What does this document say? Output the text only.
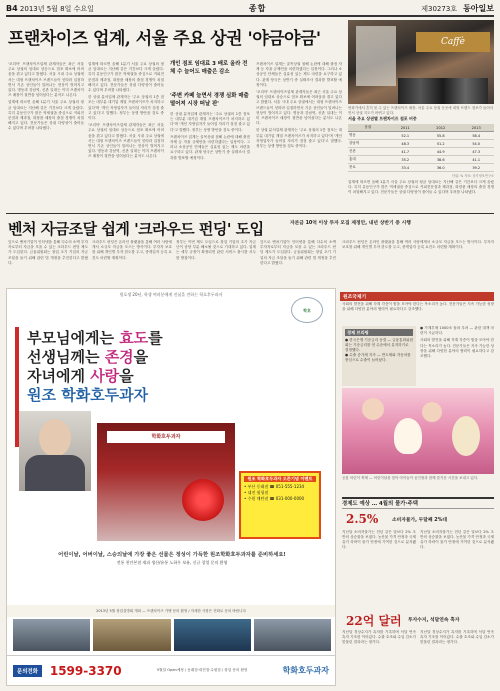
B4 2013년 5월 8일 수요일	종합	제30273호 동아일보
프랜차이즈 업계, 서울 주요 상권 '야금야금'

'코리아' 프랜차이즈업체 관계자들은 최근 서울 주요 상권의 임대료 상승으로 점포 확보에 어려움을 겪고 있다고 밝혔다. 서울 시내 주요 상권에서는 대형 프랜차이즈 브랜드들이 잇따라 입점하면서 기존 상인들이 밀려나는 현상이 벌어지고 있다. 명동과 강남역, 신촌 일대는 이미 프랜차이즈 매장이 절반을 넘어섰다는 분석도 나온다.

업계에 따르면 올해 1분기 서울 주요 상권의 평균 임대료는 지난해 같은 기간보다 크게 올랐다. 특히 유동인구가 많은 역세권을 중심으로 커피전문점과 제과점, 화장품 매장의 출점 경쟁이 치열해지고 있다. 전문가들은 상권 다양성이 줄어들 수 있다며 우려를 나타냈다.

업계에 따르면 올해 1분기 서울 주요 상권의 평균 임대료는 지난해 같은 기간보다 크게 올랐다. 특히 유동인구가 많은 역세권을 중심으로 커피전문점과 제과점, 화장품 매장의 출점 경쟁이 치열해지고 있다. 전문가들은 상권 다양성이 줄어들 수 있다며 우려를 나타냈다.

한 상권 분석업체 관계자는 '주요 상권의 1층 점포는 대부분 대기업 계열 프랜차이즈가 차지하고 있다'며 '개인 자영업자가 들어설 자리가 점점 줄고 있다'고 말했다. 정부는 상생 방안을 검토 중이다.

'코리아' 프랜차이즈업체 관계자들은 최근 서울 주요 상권의 임대료 상승으로 점포 확보에 어려움을 겪고 있다고 밝혔다. 서울 시내 주요 상권에서는 대형 프랜차이즈 브랜드들이 잇따라 입점하면서 기존 상인들이 밀려나는 현상이 벌어지고 있다. 명동과 강남역, 신촌 일대는 이미 프랜차이즈 매장이 절반을 넘어섰다는 분석도 나온다.

개인 점포 임대료 3 배로 올라 전체 수 늘어도 매출은 감소
'주변 카페 늘면서 경쟁 심화 매출 떨어져 시장 떠날 판'

한 상권 분석업체 관계자는 '주요 상권의 1층 점포는 대부분 대기업 계열 프랜차이즈가 차지하고 있다'며 '개인 자영업자가 들어설 자리가 점점 줄고 있다'고 말했다. 정부는 상생 방안을 검토 중이다.

프랜차이즈 업계는 골목상권 침해 논란에 대해 출점 자제 등 자율 규제안을 마련하겠다는 입장이다. 그러나 소상공인 단체들은 실효성 있는 제도 마련을 요구하고 있다. 관계 당국은 상반기 중 실태조사 결과를 발표할 예정이다.

프랜차이즈 업계는 골목상권 침해 논란에 대해 출점 자제 등 자율 규제안을 마련하겠다는 입장이다. 그러나 소상공인 단체들은 실효성 있는 제도 마련을 요구하고 있다. 관계 당국은 상반기 중 실태조사 결과를 발표할 예정이다.

'코리아' 프랜차이즈업체 관계자들은 최근 서울 주요 상권의 임대료 상승으로 점포 확보에 어려움을 겪고 있다고 밝혔다. 서울 시내 주요 상권에서는 대형 프랜차이즈 브랜드들이 잇따라 입점하면서 기존 상인들이 밀려나는 현상이 벌어지고 있다. 명동과 강남역, 신촌 일대는 이미 프랜차이즈 매장이 절반을 넘어섰다는 분석도 나온다.

한 상권 분석업체 관계자는 '주요 상권의 1층 점포는 대부분 대기업 계열 프랜차이즈가 차지하고 있다'며 '개인 자영업자가 들어설 자리가 점점 줄고 있다'고 말했다. 정부는 상생 방안을 검토 중이다.

Caffè
번화가에서 흔히 볼 수 있는 프랜차이즈 매장. 서울 주요 상권 곳곳에 대형 브랜드 점포가 들어서면서 상권 지도가 바뀌고 있다.
서울 주요 상권별 프랜차이즈 점포 비중
상권	2011	2012	2013
명동	52.1	55.8	58.4
강남역	48.3	51.2	54.0
신촌	41.7	44.9	47.3
홍대	35.2	38.6	41.1
종로	33.4	36.0	39.2
단위: % 자료: 상가정보연구소

업계에 따르면 올해 1분기 서울 주요 상권의 평균 임대료는 지난해 같은 기간보다 크게 올랐다. 특히 유동인구가 많은 역세권을 중심으로 커피전문점과 제과점, 화장품 매장의 출점 경쟁이 치열해지고 있다. 전문가들은 상권 다양성이 줄어들 수 있다며 우려를 나타냈다.

벤처 자금조달 쉽게 '크라우드 펀딩' 도입	자본금 10억 이상 투자 모집 제정안, 내년 상반기 중 시행
앞으로 벤처기업이 인터넷을 통해 다수의 소액 투자자로부터 자금을 모을 수 있는 크라우드 펀딩 제도가 도입된다. 금융위원회는 창업 초기 기업의 자금 조달을 돕기 위해 관련 법 개정을 추진한다고 밝혔다.
크라우드 펀딩은 온라인 플랫폼을 통해 여러 사람에게서 소규모 자금을 모으는 방식이다. 투자자 보호를 위해 개인별 투자 한도를 두고, 중개업자 등록 요건도 마련할 계획이다.
정부는 이번 제도 도입으로 창업 기업의 초기 자금난이 상당 부분 해소될 것으로 기대하고 있다. 업계는 세부 규정이 확정되면 관련 서비스 출시를 서두를 방침이다.
앞으로 벤처기업이 인터넷을 통해 다수의 소액 투자자로부터 자금을 모을 수 있는 크라우드 펀딩 제도가 도입된다. 금융위원회는 창업 초기 기업의 자금 조달을 돕기 위해 관련 법 개정을 추진한다고 밝혔다.
원호생 20년, 학생 여러분에게 진심을 전하는 학호후두과자
학호
부모님에게는 효도를
선생님께는 존경을
자녀에게 사랑을
원조 학화호두과자
학화호두과자
원조 학화호두과자 오픈기념 이벤트
• 부산 동래점 ☎ 051-555-1234
• 대전 월평점
• 수원 매탄점 ☎ 031-000-0000
어린이날, 어버이날, 스승의날에 가장 좋은 선물은 정성이 가득한 원조학화호두과자를 준비하세요!
전통 천안본점 제과 생산/유통 노하우 보유, 신규 창업 문의 환영
2013년 5월 창업설명회 개최 — 프랜차이즈 가맹 문의 환영 / 자세한 사항은 전화로 문의 바랍니다
문의전화	1599-3370	5월달 Open예정 / 동래점·대전점·수원점 / 창업 문의 환영	학화호두과자

크라우드 펀딩은 온라인 플랫폼을 통해 여러 사람에게서 소규모 자금을 모으는 방식이다. 투자자 보호를 위해 개인별 투자 한도를 두고, 중개업자 등록 요건도 마련할 계획이다.

원조국제기
사회의 발전을 위해 각계 각층이 힘을 모아야 한다는 목소리가 높다. 전문가들은 지속 가능한 성장을 위해 다양한 분야의 협력이 필요하다고 강조했다.
경제 브리핑
● 한국은행 기준금리 동결 — 금융통화위원회는 기준금리를 현 수준에서 유지하기로 결정했다.
● 수출 증가세 지속 — 반도체와 자동차를 중심으로 수출이 늘어났다.

● 가계부채 1000조 돌파 우려 — 관련 대책 마련이 시급하다.

사회의 발전을 위해 각계 각층이 힘을 모아야 한다는 목소리가 높다. 전문가들은 지속 가능한 성장을 위해 다양한 분야의 협력이 필요하다고 강조했다.

공룡 어린이 축제 — 어린이날을 맞아 아이들이 곰인형과 함께 즐거운 시간을 보내고 있다.
경제도 예상 … 4월의 물가·주택
2.5%	소비자물가, 두달째 2%대
지난달 소비자물가는 전년 같은 달보다 2% 초반의 상승률을 보였다. 농산물 가격 안정과 국제유가 하락이 물가 안정에 기여한 것으로 분석됐다.
지난달 소비자물가는 전년 같은 달보다 2% 초반의 상승률을 보였다. 농산물 가격 안정과 국제유가 하락이 물가 안정에 기여한 것으로 분석됐다.
22억 달러 투자수지, 석달연속 흑자
지난달 경상수지가 흑자를 기록하며 석달 연속 흑자 기조를 이어갔다. 수출 호조와 수입 감소가 맞물린 결과라는 평가다.
지난달 경상수지가 흑자를 기록하며 석달 연속 흑자 기조를 이어갔다. 수출 호조와 수입 감소가 맞물린 결과라는 평가다.
